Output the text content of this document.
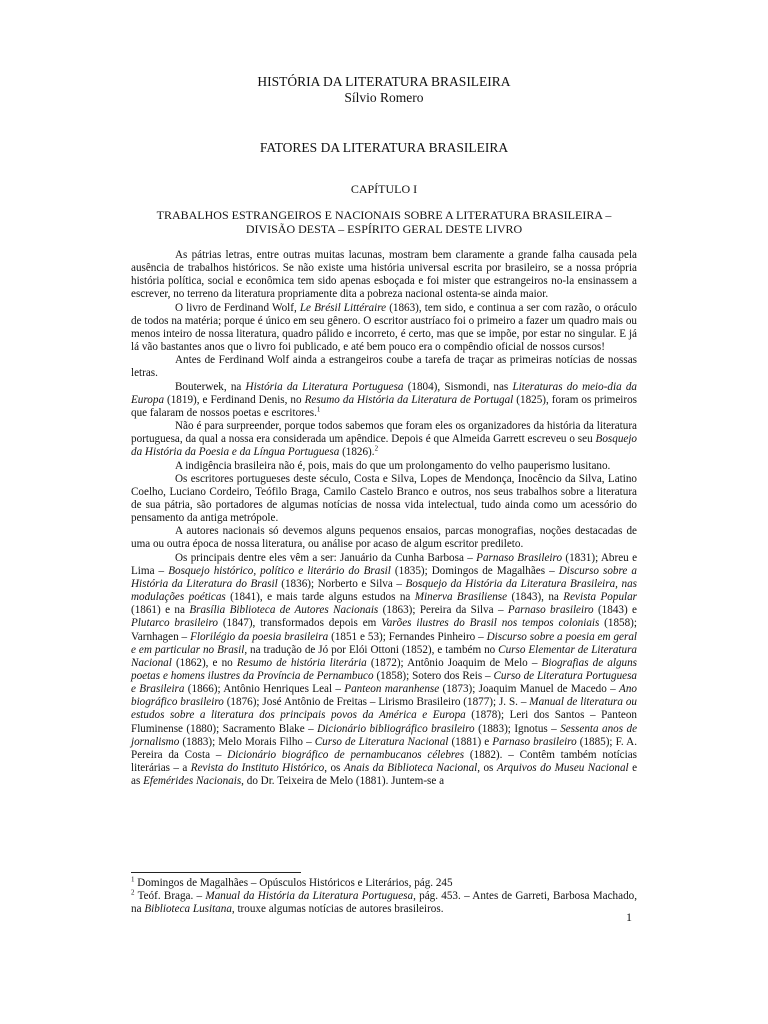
HISTÓRIA DA LITERATURA BRASILEIRA
Sílvio Romero
FATORES DA LITERATURA BRASILEIRA
CAPÍTULO I
TRABALHOS ESTRANGEIROS E NACIONAIS SOBRE A LITERATURA BRASILEIRA – DIVISÃO DESTA – ESPÍRITO GERAL DESTE LIVRO

As pátrias letras, entre outras muitas lacunas, mostram bem claramente a grande falha causada pela ausência de trabalhos históricos. Se não existe uma história universal escrita por brasileiro, se a nossa própria história política, social e econômica tem sido apenas esboçada e foi mister que estrangeiros no-la ensinassem a escrever, no terreno da literatura propriamente dita a pobreza nacional ostenta-se ainda maior.

O livro de Ferdinand Wolf, Le Brésil Littéraire (1863), tem sido, e continua a ser com razão, o oráculo de todos na matéria; porque é único em seu gênero. O escritor austríaco foi o primeiro a fazer um quadro mais ou menos inteiro de nossa literatura, quadro pálido e incorreto, é certo, mas que se impõe, por estar no singular. E já lá vão bastantes anos que o livro foi publicado, e até bem pouco era o compêndio oficial de nossos cursos!

Antes de Ferdinand Wolf ainda a estrangeiros coube a tarefa de traçar as primeiras notícias de nossas letras.

Bouterwek, na História da Literatura Portuguesa (1804), Sismondi, nas Literaturas do meio-dia da Europa (1819), e Ferdinand Denis, no Resumo da História da Literatura de Portugal (1825), foram os primeiros que falaram de nossos poetas e escritores.$^1$

Não é para surpreender, porque todos sabemos que foram eles os organizadores da história da literatura portuguesa, da qual a nossa era considerada um apêndice. Depois é que Almeida Garrett escreveu o seu Bosquejo da História da Poesia e da Língua Portuguesa (1826).$^2$

A indigência brasileira não é, pois, mais do que um prolongamento do velho pauperismo lusitano.

Os escritores portugueses deste século, Costa e Silva, Lopes de Mendonça, Inocêncio da Silva, Latino Coelho, Luciano Cordeiro, Teófilo Braga, Camilo Castelo Branco e outros, nos seus trabalhos sobre a literatura de sua pátria, são portadores de algumas notícias de nossa vida intelectual, tudo ainda como um acessório do pensamento da antiga metrópole.

A autores nacionais só devemos alguns pequenos ensaios, parcas monografias, noções destacadas de uma ou outra época de nossa literatura, ou análise por acaso de algum escritor predileto.

Os principais dentre eles vêm a ser: Januário da Cunha Barbosa – Parnaso Brasileiro (1831); Abreu e Lima – Bosquejo histórico, político e literário do Brasil (1835); Domingos de Magalhães – Discurso sobre a História da Literatura do Brasil (1836); Norberto e Silva – Bosquejo da História da Literatura Brasileira, nas modulações poéticas (1841), e mais tarde alguns estudos na Minerva Brasiliense (1843), na Revista Popular (1861) e na Brasília Biblioteca de Autores Nacionais (1863); Pereira da Silva – Parnaso brasileiro (1843) e Plutarco brasileiro (1847), transformados depois em Varões ilustres do Brasil nos tempos coloniais (1858); Varnhagen – Florilégio da poesia brasileira (1851 e 53); Fernandes Pinheiro – Discurso sobre a poesia em geral e em particular no Brasil, na tradução de Jó por Elói Ottoni (1852), e também no Curso Elementar de Literatura Nacional (1862), e no Resumo de história literária (1872); Antônio Joaquim de Melo – Biografias de alguns poetas e homens ilustres da Província de Pernambuco (1858); Sotero dos Reis – Curso de Literatura Portuguesa e Brasileira (1866); Antônio Henriques Leal – Panteon maranhense (1873); Joaquim Manuel de Macedo – Ano biográfico brasileiro (1876); José Antônio de Freitas – Lirismo Brasileiro (1877); J. S. – Manual de literatura ou estudos sobre a literatura dos principais povos da América e Europa (1878); Leri dos Santos – Panteon Fluminense (1880); Sacramento Blake – Dicionário bibliográfico brasileiro (1883); Ignotus – Sessenta anos de jornalismo (1883); Melo Morais Filho – Curso de Literatura Nacional (1881) e Parnaso brasileiro (1885); F. A. Pereira da Costa – Dicionário biográfico de pernambucanos célebres (1882). – Contêm também notícias literárias – a Revista do Instituto Histórico, os Anais da Biblioteca Nacional, os Arquivos do Museu Nacional e as Efemérides Nacionais, do Dr. Teixeira de Melo (1881). Juntem-se a

$^1$ Domingos de Magalhães – Opúsculos Históricos e Literários, pág. 245

$^2$ Teóf. Braga. – Manual da História da Literatura Portuguesa, pág. 453. – Antes de Garreti, Barbosa Machado, na Biblioteca Lusitana, trouxe algumas notícias de autores brasileiros.

1
